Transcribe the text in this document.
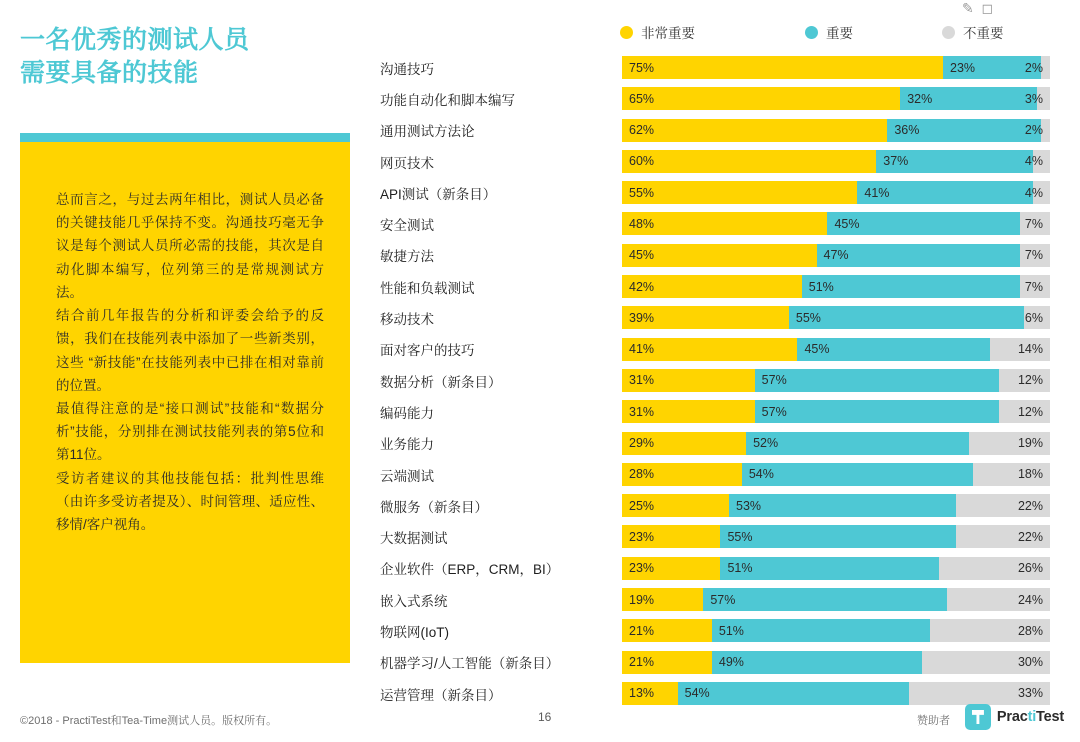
一名优秀的测试人员
需要具备的技能

总而言之，与过去两年相比，测试人员必备的关键技能几乎保持不变。沟通技巧毫无争议是每个测试人员所必需的技能，其次是自动化脚本编写，位列第三的是常规测试方法。

结合前几年报告的分析和评委会给予的反馈，我们在技能列表中添加了一些新类别，这些 “新技能”在技能列表中已排在相对靠前的位置。

最值得注意的是“接口测试”技能和“数据分析”技能，分别排在测试技能列表的第5位和第11位。

受访者建议的其他技能包括：批判性思维（由许多受访者提及）、时间管理、适应性、移情/客户视角。

✎  ◻
非常重要	重要	不重要
沟通技巧	75%	23%	2%
功能自动化和脚本编写	65%	32%	3%
通用测试方法论	62%	36%	2%
网页技术	60%	37%	4%
API测试（新条目）	55%	41%	4%
安全测试	48%	45%	7%
敏捷方法	45%	47%	7%
性能和负载测试	42%	51%	7%
移动技术	39%	55%	6%
面对客户的技巧	41%	45%	14%
数据分析（新条目）	31%	57%	12%
编码能力	31%	57%	12%
业务能力	29%	52%	19%
云端测试	28%	54%	18%
微服务（新条目）	25%	53%	22%
大数据测试	23%	55%	22%
企业软件（ERP，CRM，BI）	23%	51%	26%
嵌入式系统	19%	57%	24%
物联网(IoT)	21%	51%	28%
机器学习/人工智能（新条目）	21%	49%	30%
运营管理（新条目）	13%	54%	33%
©2018 - PractiTest和Tea-Time测试人员。版权所有。	16	赞助者	PractiTest
